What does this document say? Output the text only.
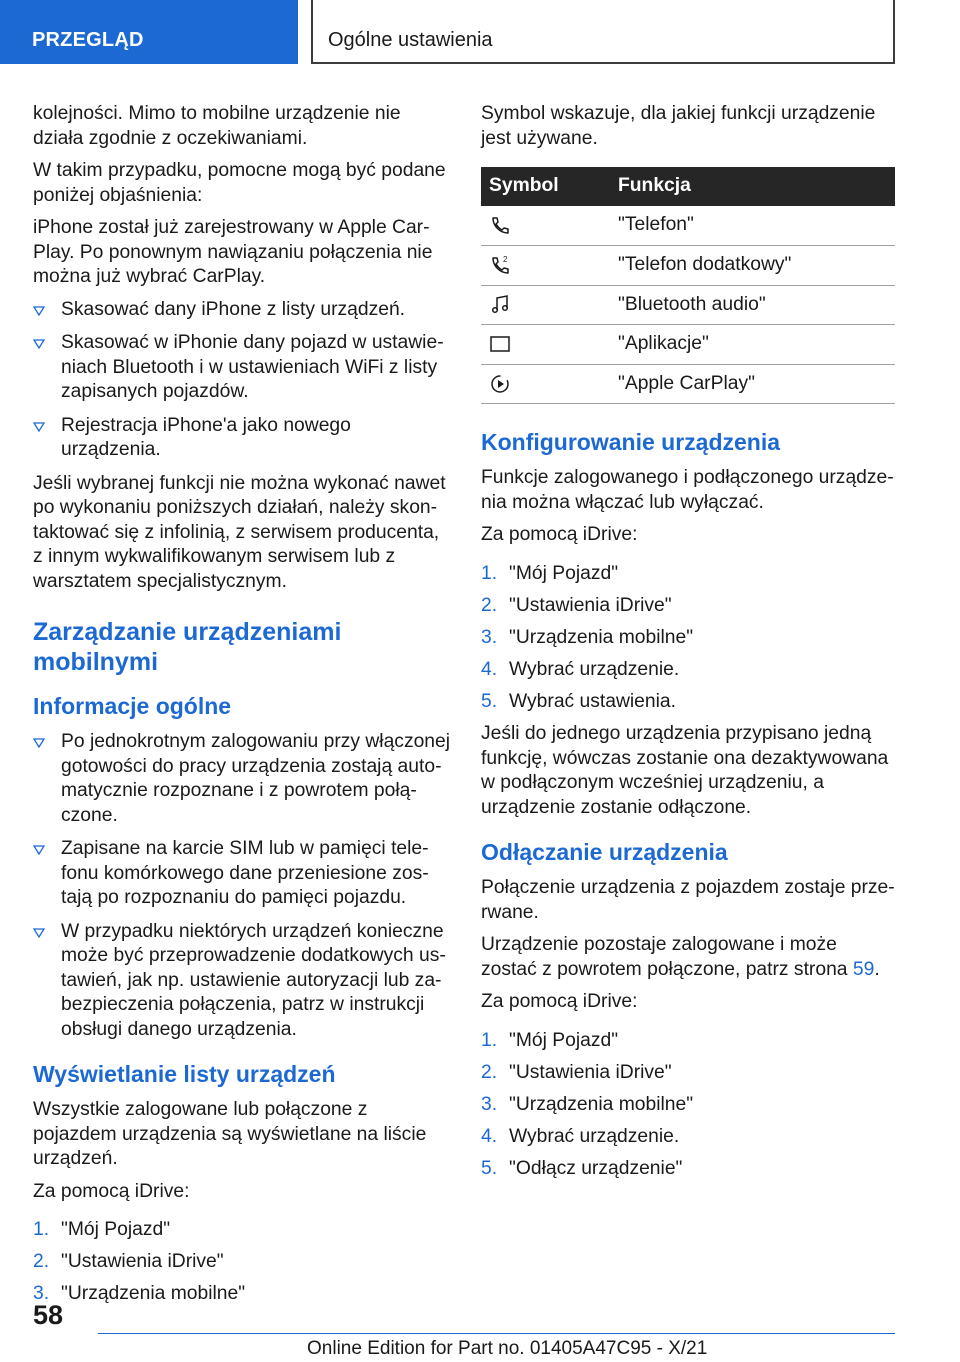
PRZEGLĄD	Ogólne ustawienia

kolejności. Mimo to mobilne urządzenie nie działa zgodnie z oczekiwaniami.

W takim przypadku, pomocne mogą być podane poniżej objaśnienia:

iPhone został już zarejestrowany w Apple CarPlay. Po ponownym nawiązaniu połączenia nie można już wybrać CarPlay.

Skasować dany iPhone z listy urządzeń.
Skasować w iPhonie dany pojazd w ustawieniach Bluetooth i w ustawieniach WiFi z listy zapisanych pojazdów.
Rejestracja iPhone'a jako nowego urządzenia.

Jeśli wybranej funkcji nie można wykonać nawet po wykonaniu poniższych działań, należy skontaktować się z infolinią, z serwisem producenta, z innym wykwalifikowanym serwisem lub z warsztatem specjalistycznym.

Zarządzanie urządzeniami mobilnymi
Informacje ogólne
Po jednokrotnym zalogowaniu przy włączonej gotowości do pracy urządzenia zostają automatycznie rozpoznane i z powrotem połączone.
Zapisane na karcie SIM lub w pamięci telefonu komórkowego dane przeniesione zostają po rozpoznaniu do pamięci pojazdu.
W przypadku niektórych urządzeń konieczne może być przeprowadzenie dodatkowych ustawień, jak np. ustawienie autoryzacji lub zabezpieczenia połączenia, patrz w instrukcji obsługi danego urządzenia.
Wyświetlanie listy urządzeń

Wszystkie zalogowane lub połączone z pojazdem urządzenia są wyświetlane na liście urządzeń.

Za pomocą iDrive:

1. "Mój Pojazd"
2. "Ustawienia iDrive"
3. "Urządzenia mobilne"

Symbol wskazuje, dla jakiej funkcji urządzenie jest używane.

Symbol	Funkcja

	"Telefon"

2	"Telefon dodatkowy"

	"Bluetooth audio"

	"Aplikacje"

	"Apple CarPlay"
Konfigurowanie urządzenia

Funkcje zalogowanego i podłączonego urządzenia można włączać lub wyłączać.

Za pomocą iDrive:

1. "Mój Pojazd"
2. "Ustawienia iDrive"
3. "Urządzenia mobilne"
4. Wybrać urządzenie.
5. Wybrać ustawienia.

Jeśli do jednego urządzenia przypisano jedną funkcję, wówczas zostanie ona dezaktywowana w podłączonym wcześniej urządzeniu, a urządzenie zostanie odłączone.

Odłączanie urządzenia

Połączenie urządzenia z pojazdem zostaje przerwane.

Urządzenie pozostaje zalogowane i może zostać z powrotem połączone, patrz strona 59.

Za pomocą iDrive:

1. "Mój Pojazd"
2. "Ustawienia iDrive"
3. "Urządzenia mobilne"
4. Wybrać urządzenie.
5. "Odłącz urządzenie"
58
Online Edition for Part no. 01405A47C95 - X/21
